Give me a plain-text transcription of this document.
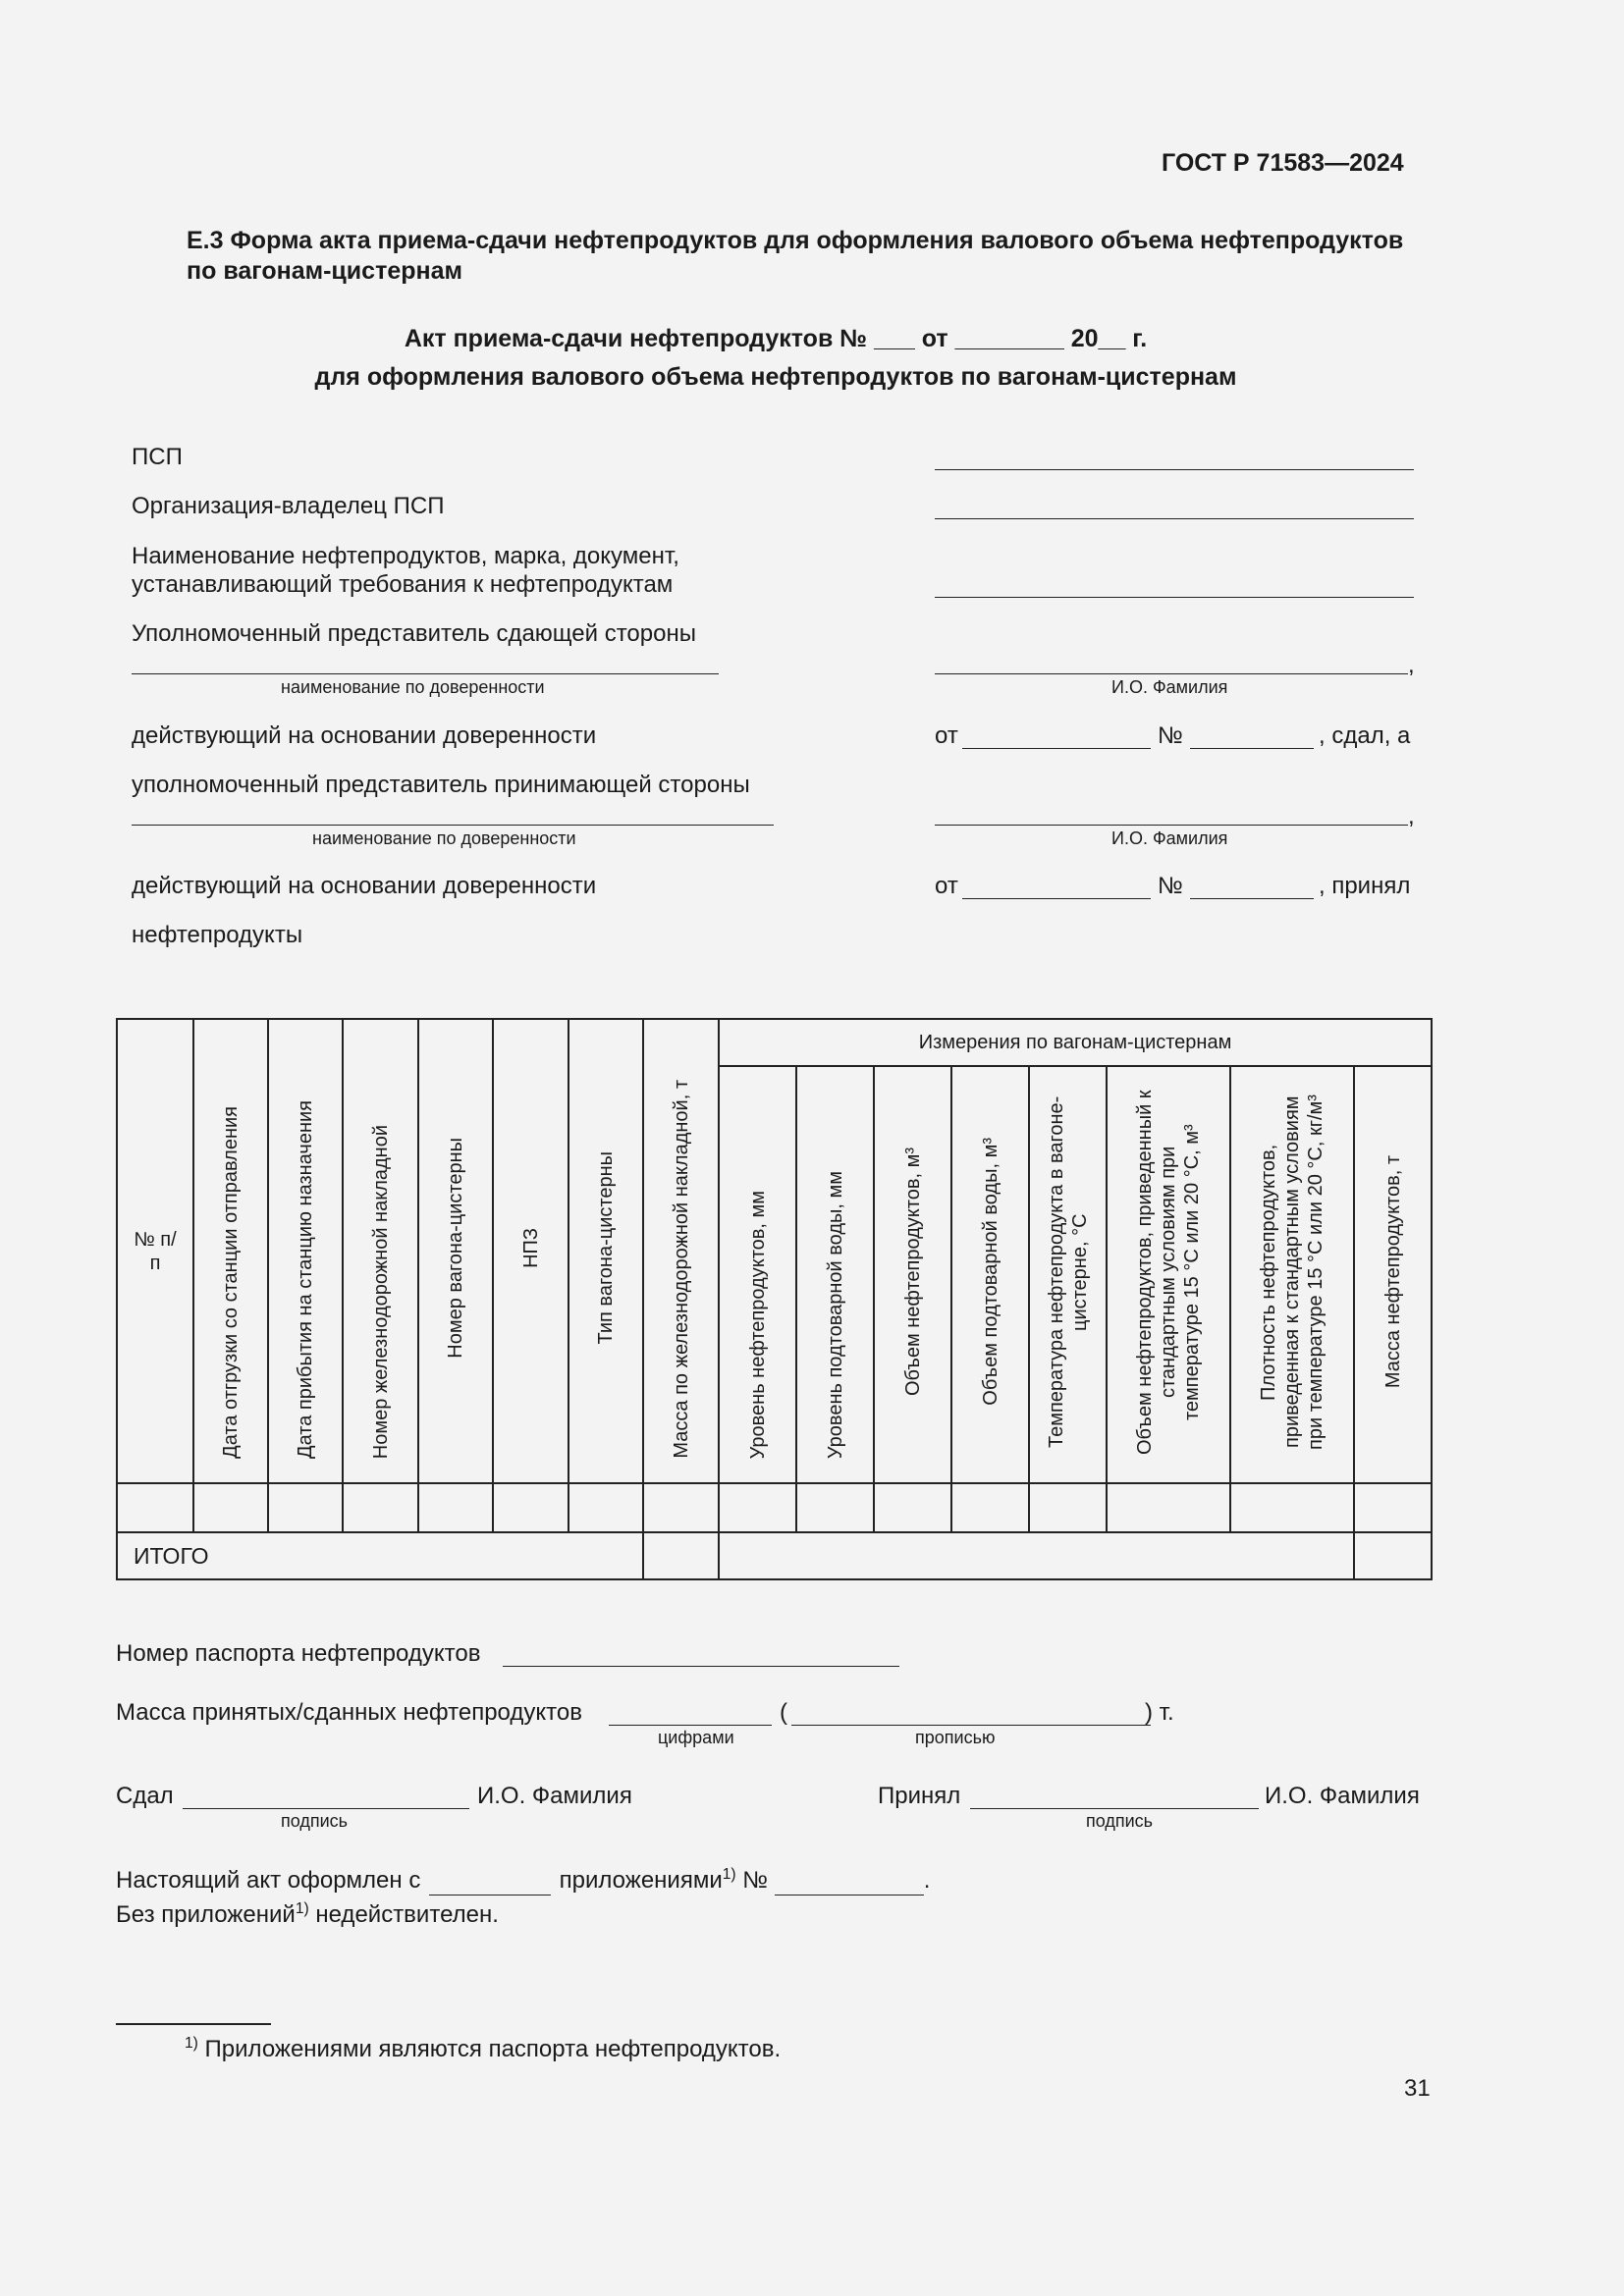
ГОСТ Р 71583—2024
Е.3 Форма акта приема-сдачи нефтепродуктов для оформления валового объема нефтепродуктов
по вагонам-цистернам
Акт приема-сдачи нефтепродуктов № ___ от ________ 20__ г.
для оформления валового объема нефтепродуктов по вагонам-цистернам
ПСП
Организация-владелец ПСП
Наименование нефтепродуктов, марка, документ,
устанавливающий требования к нефтепродуктам
Уполномоченный представитель сдающей стороны
наименование по доверенности
,
И.О. Фамилия
действующий на основании доверенности	от	№	, сдал, а
уполномоченный представитель принимающей стороны
наименование по доверенности
,
И.О. Фамилия
действующий на основании доверенности	от	№	, принял
нефтепродукты
№ п/п	Дата отгрузки со станции отправления	Дата прибытия на станцию назначения	Номер железнодорожной накладной	Номер вагона-цистерны	НПЗ	Тип вагона-цистерны	Масса по железнодорожной накладной, т	Измерения по вагонам-цистернам							
								Уровень нефтепродуктов, мм	Уровень подтоварной воды, мм	Объем нефтепродуктов, м³	Объем подтоварной воды, м³	Температура нефтепродукта в вагоне-цистерне, °С	Объем нефтепродуктов, приведенный к стандартным условиям при температуре 15 °С или 20 °С, м³	Плотность нефтепродуктов, приведенная к стандартным условиям при температуре 15 °С или 20 °С, кг/м³	Масса нефтепродуктов, т

ИТОГО															
Номер паспорта нефтепродуктов
Масса принятых/сданных нефтепродуктов	(	) т.
цифрами	прописью
Сдал	И.О. Фамилия
подпись
Принял	И.О. Фамилия
подпись
Настоящий акт оформлен с	приложениями$^{1)}$ №	.
Без приложений$^{1)}$ недействителен.
$^{1)}$ Приложениями являются паспорта нефтепродуктов.
31
